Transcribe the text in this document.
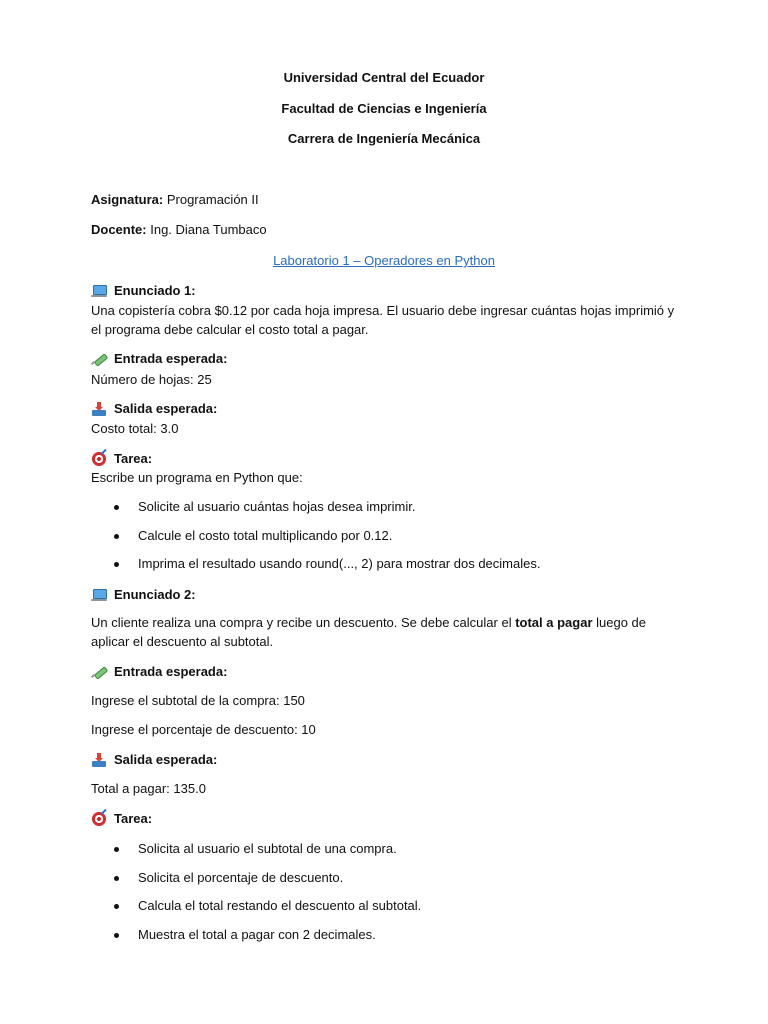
Universidad Central del Ecuador
Facultad de Ciencias e Ingeniería
Carrera de Ingeniería Mecánica
Asignatura: Programación II
Docente: Ing. Diana Tumbaco
Laboratorio 1 – Operadores en Python
Enunciado 1:
Una copistería cobra $0.12 por cada hoja impresa. El usuario debe ingresar cuántas hojas imprimió y
el programa debe calcular el costo total a pagar.
Entrada esperada:
Número de hojas: 25
Salida esperada:
Costo total: 3.0
Tarea:
Escribe un programa en Python que:
Solicite al usuario cuántas hojas desea imprimir.
Calcule el costo total multiplicando por 0.12.
Imprima el resultado usando round(..., 2) para mostrar dos decimales.
Enunciado 2:
Un cliente realiza una compra y recibe un descuento. Se debe calcular el total a pagar luego de
aplicar el descuento al subtotal.
Entrada esperada:
Ingrese el subtotal de la compra: 150
Ingrese el porcentaje de descuento: 10
Salida esperada:
Total a pagar: 135.0
Tarea:
Solicita al usuario el subtotal de una compra.
Solicita el porcentaje de descuento.
Calcula el total restando el descuento al subtotal.
Muestra el total a pagar con 2 decimales.
